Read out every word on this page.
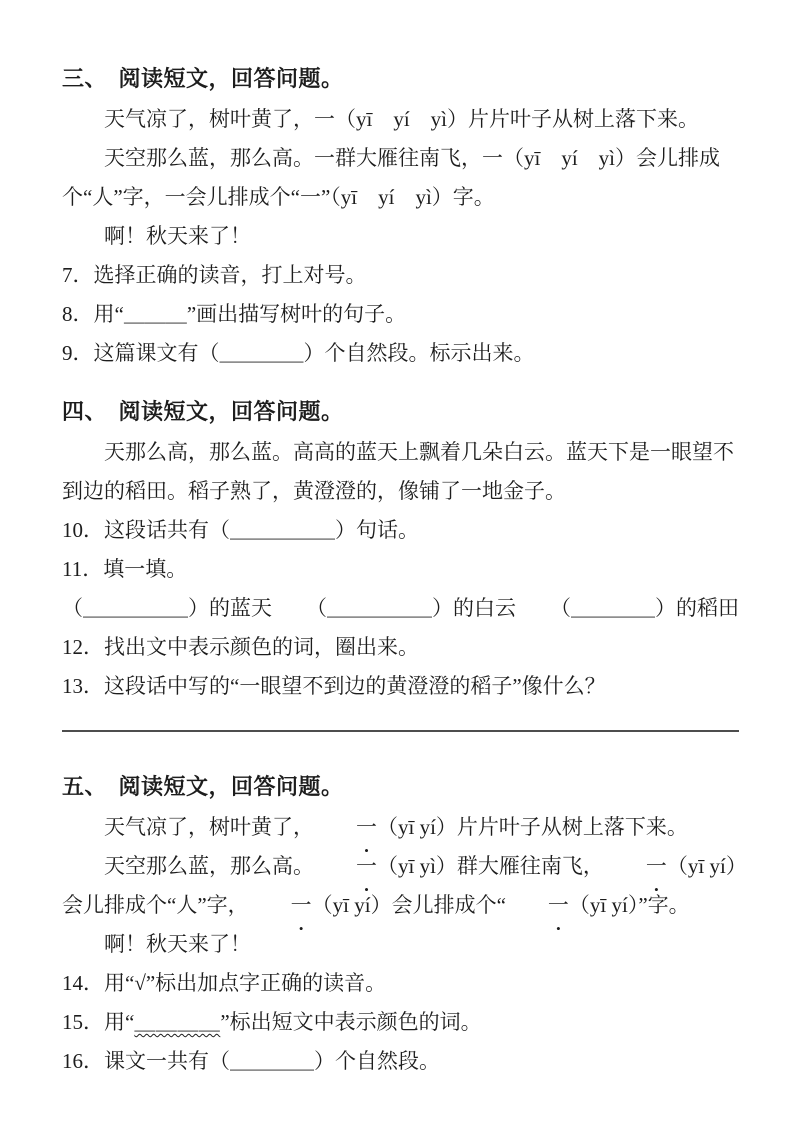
三、　阅读短文，回答问题。

天气凉了，树叶黄了，一（yī　yí　yì）片片叶子从树上落下来。

天空那么蓝，那么高。一群大雁往南飞，一（yī　yí　yì）会儿排成个“人”字，一会儿排成个“一”（yī　yí　yì）字。

啊！秋天来了！

7．选择正确的读音，打上对号。

8．用“＿＿＿”画出描写树叶的句子。

9．这篇课文有（＿＿＿＿）个自然段。标示出来。

四、　阅读短文，回答问题。

天那么高，那么蓝。高高的蓝天上飘着几朵白云。蓝天下是一眼望不到边的稻田。稻子熟了，黄澄澄的，像铺了一地金子。

10．这段话共有（＿＿＿＿＿）句话。

11．填一填。

（＿＿＿＿＿）的蓝天 （＿＿＿＿＿）的白云 （＿＿＿＿）的稻田

12．找出文中表示颜色的词，圈出来。

13．这段话中写的“一眼望不到边的黄澄澄的稻子”像什么？

五、　阅读短文，回答问题。

天气凉了，树叶黄了， 一（yī yí）片片叶子从树上落下来。

天空那么蓝，那么高。 一（yī yì）群大雁往南飞， 一（yī yí）会儿排成个“人”字， 一（yī yí）会儿排成个“ 一（yī yí）”字。

啊！秋天来了！

14．用“√”标出加点字正确的读音。

15．用“＿＿＿＿”标出短文中表示颜色的词。

16．课文一共有（＿＿＿＿）个自然段。
